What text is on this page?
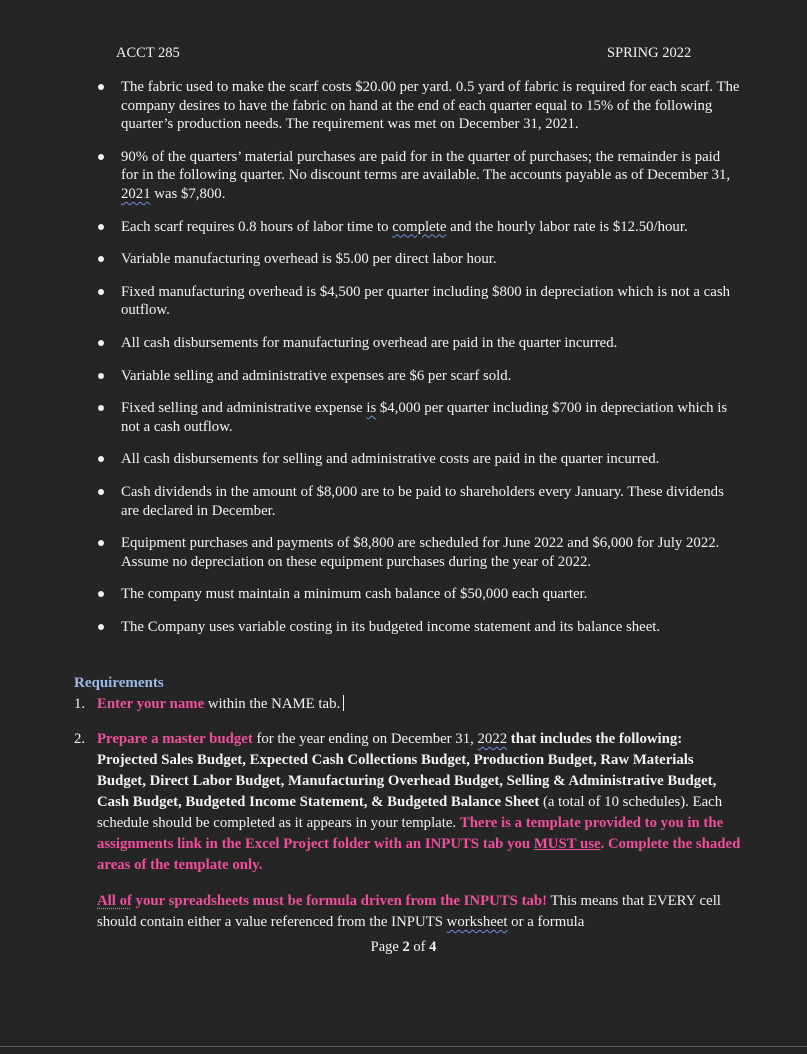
ACCT 285	SPRING 2022
The fabric used to make the scarf costs $20.00 per yard. 0.5 yard of fabric is required for each scarf. The company desires to have the fabric on hand at the end of each quarter equal to 15% of the following quarter’s production needs. The requirement was met on December 31, 2021.
90% of the quarters’ material purchases are paid for in the quarter of purchases; the remainder is paid for in the following quarter. No discount terms are available. The accounts payable as of December 31, 2021 was $7,800.
Each scarf requires 0.8 hours of labor time to complete and the hourly labor rate is $12.50/hour.
Variable manufacturing overhead is $5.00 per direct labor hour.
Fixed manufacturing overhead is $4,500 per quarter including $800 in depreciation which is not a cash outflow.
All cash disbursements for manufacturing overhead are paid in the quarter incurred.
Variable selling and administrative expenses are $6 per scarf sold.
Fixed selling and administrative expense is $4,000 per quarter including $700 in depreciation which is not a cash outflow.
All cash disbursements for selling and administrative costs are paid in the quarter incurred.
Cash dividends in the amount of $8,000 are to be paid to shareholders every January. These dividends are declared in December.
Equipment purchases and payments of $8,800 are scheduled for June 2022 and $6,000 for July 2022. Assume no depreciation on these equipment purchases during the year of 2022.
The company must maintain a minimum cash balance of $50,000 each quarter.
The Company uses variable costing in its budgeted income statement and its balance sheet.
Requirements
1. Enter your name within the NAME tab.
2. Prepare a master budget for the year ending on December 31, 2022 that includes the following: Projected Sales Budget, Expected Cash Collections Budget, Production Budget, Raw Materials Budget, Direct Labor Budget, Manufacturing Overhead Budget, Selling & Administrative Budget, Cash Budget, Budgeted Income Statement, & Budgeted Balance Sheet (a total of 10 schedules). Each schedule should be completed as it appears in your template. There is a template provided to you in the assignments link in the Excel Project folder with an INPUTS tab you MUST use. Complete the shaded areas of the template only.
All of your spreadsheets must be formula driven from the INPUTS tab! This means that EVERY cell should contain either a value referenced from the INPUTS worksheet or a formula
Page 2 of 4
